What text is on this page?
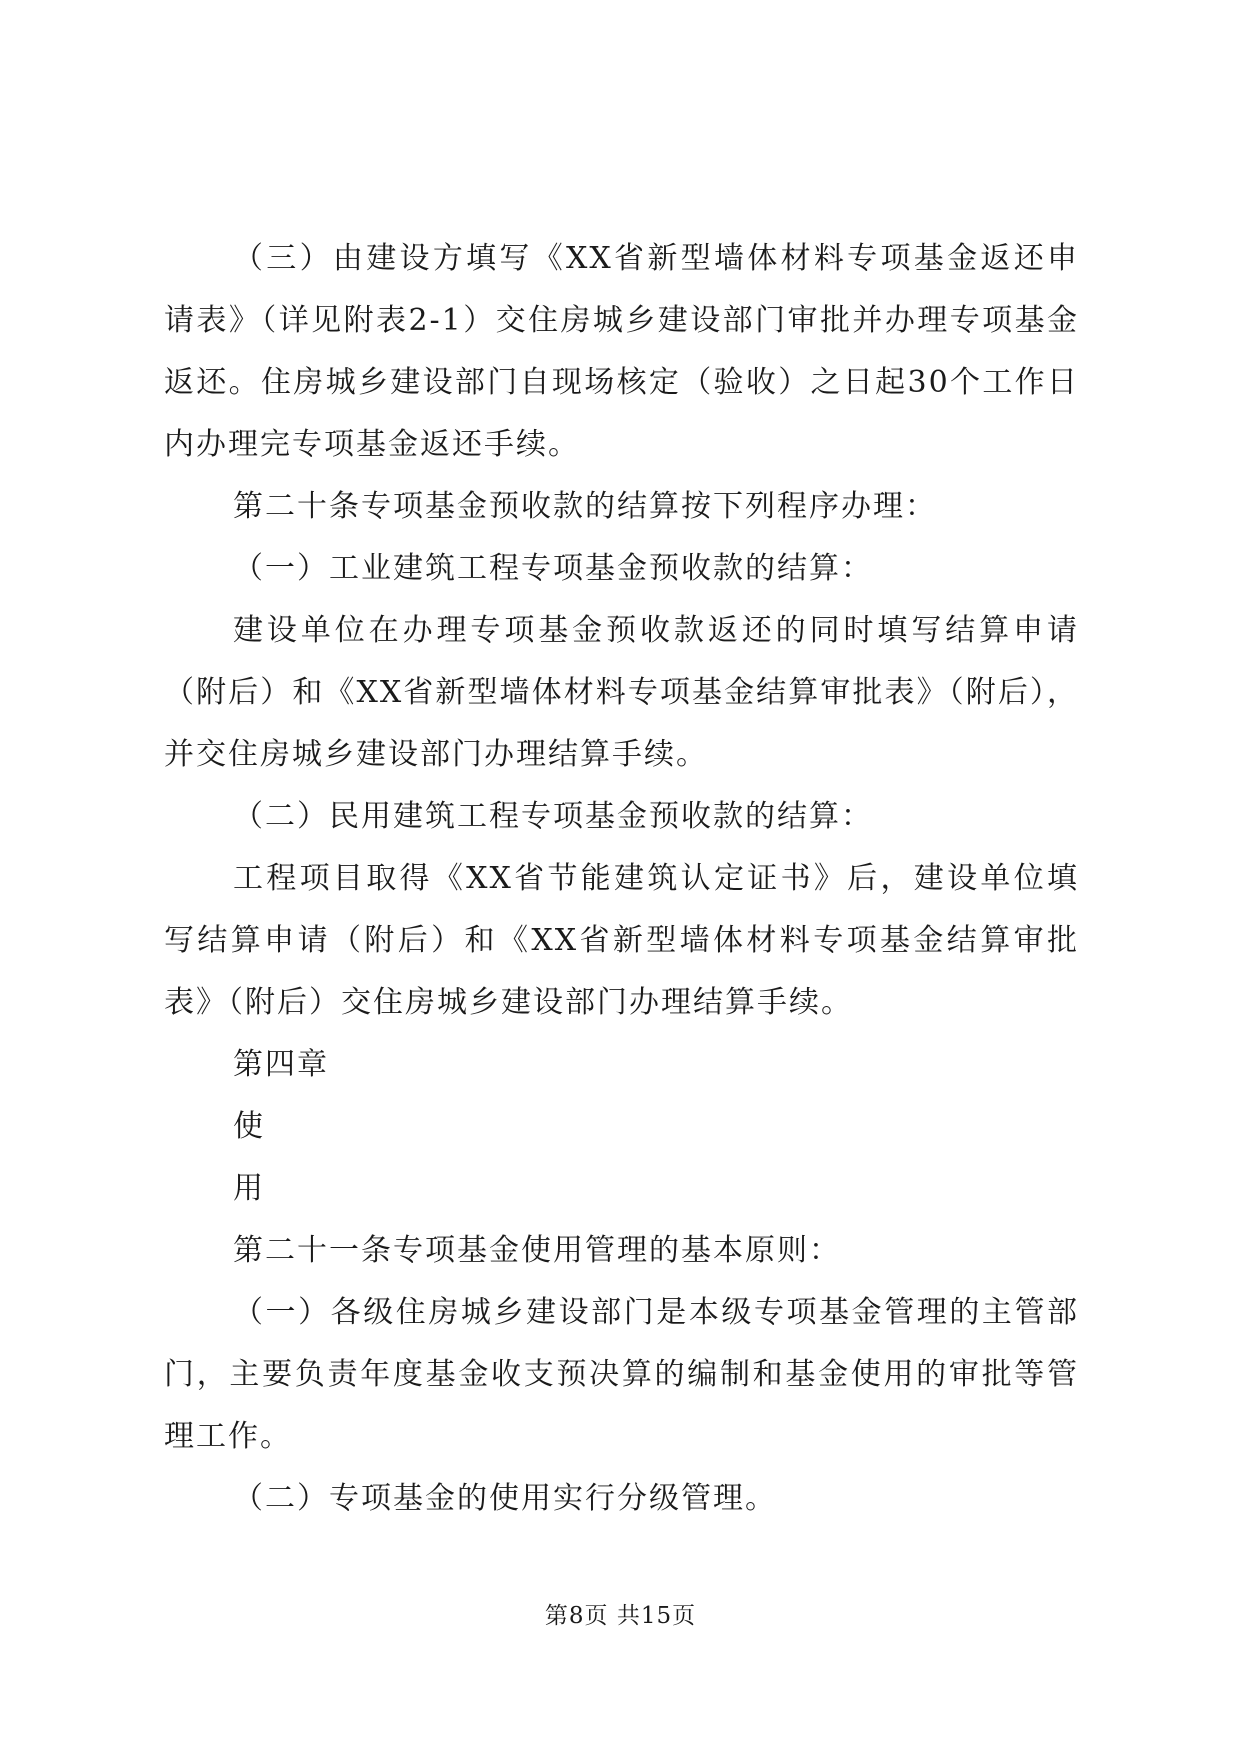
（三）由建设方填写《XX省新型墙体材料专项基金返还申请表》（详见附表2-1）交住房城乡建设部门审批并办理专项基金返还。住房城乡建设部门自现场核定（验收）之日起30个工作日内办理完专项基金返还手续。

第二十条专项基金预收款的结算按下列程序办理：

（一）工业建筑工程专项基金预收款的结算：

建设单位在办理专项基金预收款返还的同时填写结算申请（附后）和《XX省新型墙体材料专项基金结算审批表》（附后），并交住房城乡建设部门办理结算手续。

（二）民用建筑工程专项基金预收款的结算：

工程项目取得《XX省节能建筑认定证书》后，建设单位填写结算申请（附后）和《XX省新型墙体材料专项基金结算审批表》（附后）交住房城乡建设部门办理结算手续。

第四章

使

用

第二十一条专项基金使用管理的基本原则：

（一）各级住房城乡建设部门是本级专项基金管理的主管部门，主要负责年度基金收支预决算的编制和基金使用的审批等管理工作。

（二）专项基金的使用实行分级管理。

第8页 共15页
